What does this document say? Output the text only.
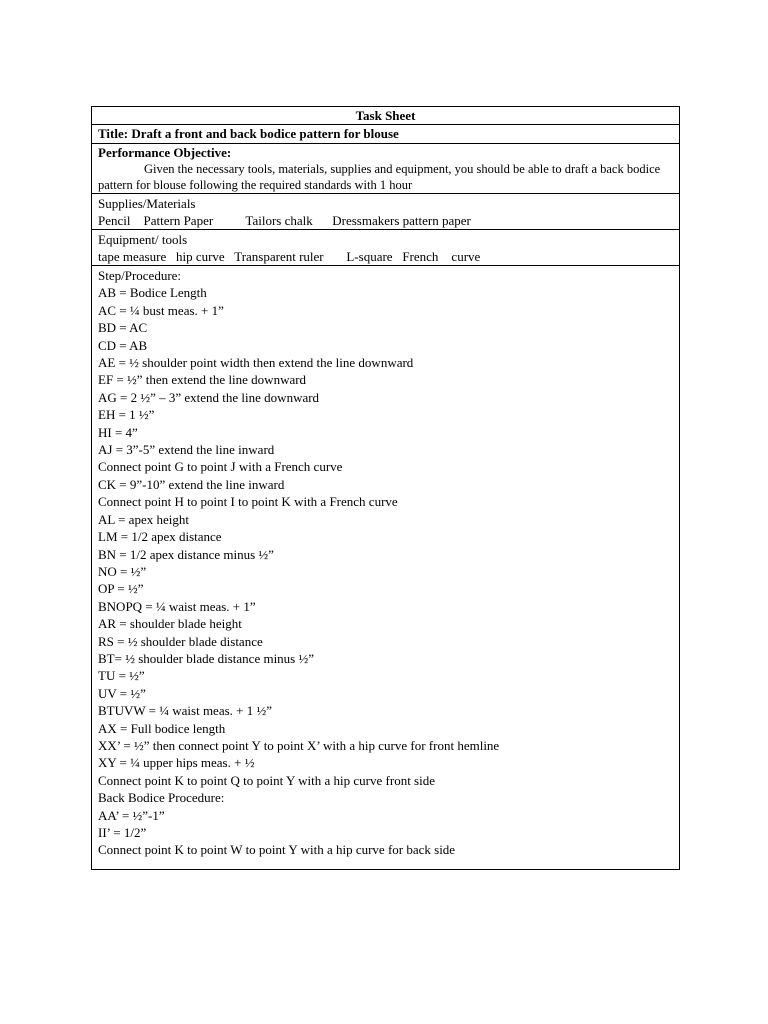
Task Sheet
Title: Draft a front and back bodice pattern for blouse
Performance Objective:
Given the necessary tools, materials, supplies and equipment, you should be able to draft a back bodice pattern for blouse following the required standards with 1 hour
Supplies/Materials
Pencil    Pattern Paper          Tailors chalk      Dressmakers pattern paper
Equipment/ tools
tape measure   hip curve   Transparent ruler       L-square   French    curve
Step/Procedure:
AB = Bodice Length
AC = ¼ bust meas. + 1”
BD = AC
CD = AB
AE = ½ shoulder point width then extend the line downward
EF = ½” then extend the line downward
AG = 2 ½” – 3” extend the line downward
EH = 1 ½”
HI = 4”
AJ = 3”-5” extend the line inward
Connect point G to point J with a French curve
CK = 9”-10” extend the line inward
Connect point H to point I to point K with a French curve
AL = apex height
LM = 1/2 apex distance
BN = 1/2 apex distance minus ½”
NO = ½”
OP = ½”
BNOPQ = ¼ waist meas. + 1”
AR = shoulder blade height
RS = ½ shoulder blade distance
BT= ½ shoulder blade distance minus ½”
TU = ½”
UV = ½”
BTUVW = ¼ waist meas. + 1 ½”
AX = Full bodice length
XX’ = ½” then connect point Y to point X’ with a hip curve for front hemline
XY = ¼ upper hips meas. + ½
Connect point K to point Q to point Y with a hip curve front side
Back Bodice Procedure:
AA’ = ½”-1”
II’ = 1/2”
Connect point K to point W to point Y with a hip curve for back side
